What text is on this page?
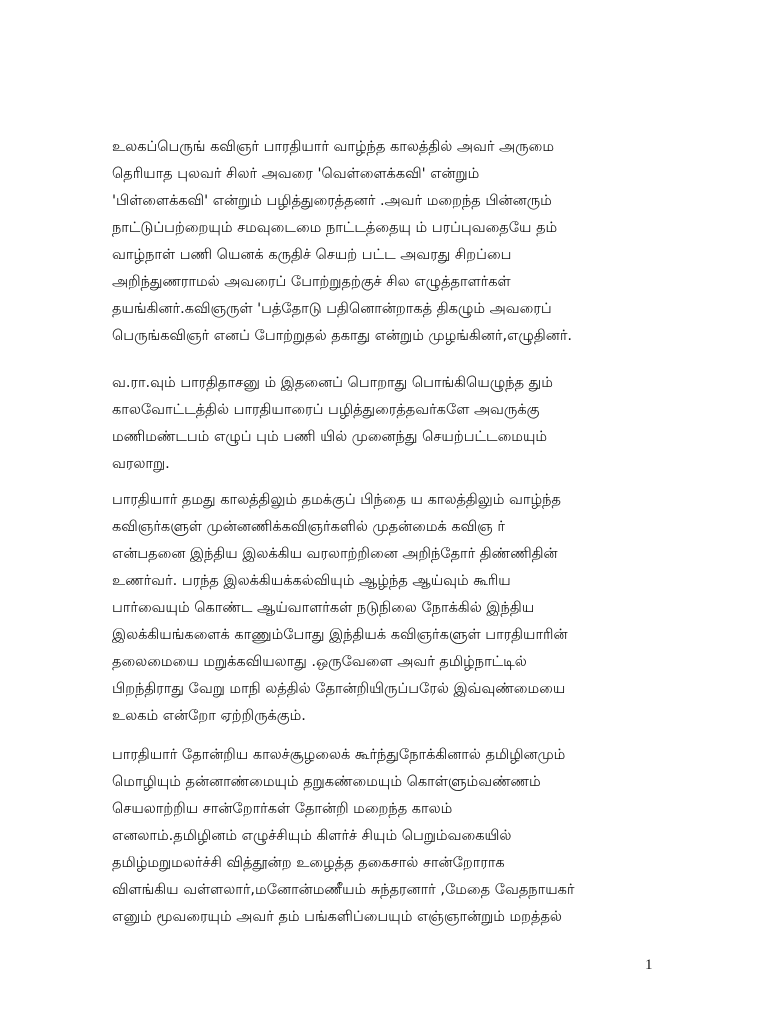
உலகப்பெருங் கவிஞர் பாரதியார் வாழ்ந்த காலத்தில் அவர் அருமை
தெரியாத புலவர் சிலர் அவரை 'வெள்ளைக்கவி' என்றும்
'பிள்ளைக்கவி' என்றும் பழித்துரைத்தனர் .அவர் மறைந்த பின்னரும்
நாட்டுப்பற்றையும் சமவுடைமை நாட்டத்தையு ம் பரப்புவதையே தம்
வாழ்நாள் பணி யெனக் கருதிச் செயற் பட்ட அவரது சிறப்பை
அறிந்துணராமல் அவரைப் போற்றுதற்குச் சில எழுத்தாளர்கள்
தயங்கினர்.கவிஞருள் 'பத்தோடு பதினொன்றாகத் திகழும் அவரைப்
பெருங்கவிஞர் எனப் போற்றுதல் தகாது என்றும் முழங்கினர்,எழுதினர்.
வ.ரா.வும் பாரதிதாசனு ம் இதனைப் பொறாது பொங்கியெழுந்த தும்
காலவோட்டத்தில் பாரதியாரைப் பழித்துரைத்தவர்களே அவருக்கு
மணிமண்டபம் எழுப் பும் பணி யில் முனைந்து செயற்பட்டமையும்
வரலாறு.
பாரதியார் தமது காலத்திலும் தமக்குப் பிந்தை ய காலத்திலும் வாழ்ந்த
கவிஞர்களுள் முன்னணிக்கவிஞர்களில் முதன்மைக் கவிஞ ர்
என்பதனை இந்திய இலக்கிய வரலாற்றினை அறிந்தோர் திண்ணிதின்
உணர்வர். பரந்த இலக்கியக்கல்வியும் ஆழ்ந்த ஆய்வும் கூரிய
பார்வையும் கொண்ட ஆய்வாளர்கள் நடுநிலை நோக்கில் இந்திய
இலக்கியங்களைக் காணும்போது இந்தியக் கவிஞர்களுள் பாரதியாரின்
தலைமையை மறுக்கவியலாது .ஒருவேளை அவர் தமிழ்நாட்டில்
பிறந்திராது வேறு மாநி லத்தில் தோன்றியிருப்பரேல் இவ்வுண்மையை
உலகம் என்றோ ஏற்றிருக்கும்.
பாரதியார் தோன்றிய காலச்சூழலைக் கூர்ந்துநோக்கினால் தமிழினமும்
மொழியும் தன்னாண்மையும் தறுகண்மையும் கொள்ளும்வண்ணம்
செயலாற்றிய சான்றோர்கள் தோன்றி மறைந்த காலம்
எனலாம்.தமிழினம் எழுச்சியும் கிளர்ச் சியும் பெறும்வகையில்
தமிழ்மறுமலர்ச்சி வித்தூன்ற உழைத்த தகைசால் சான்றோராக
விளங்கிய வள்ளலார்,மனோன்மணீயம் சுந்தரனார் ,மேதை வேதநாயகர்
எனும் மூவரையும் அவர் தம் பங்களிப்பையும் எஞ்ஞான்றும் மறத்தல்
1
